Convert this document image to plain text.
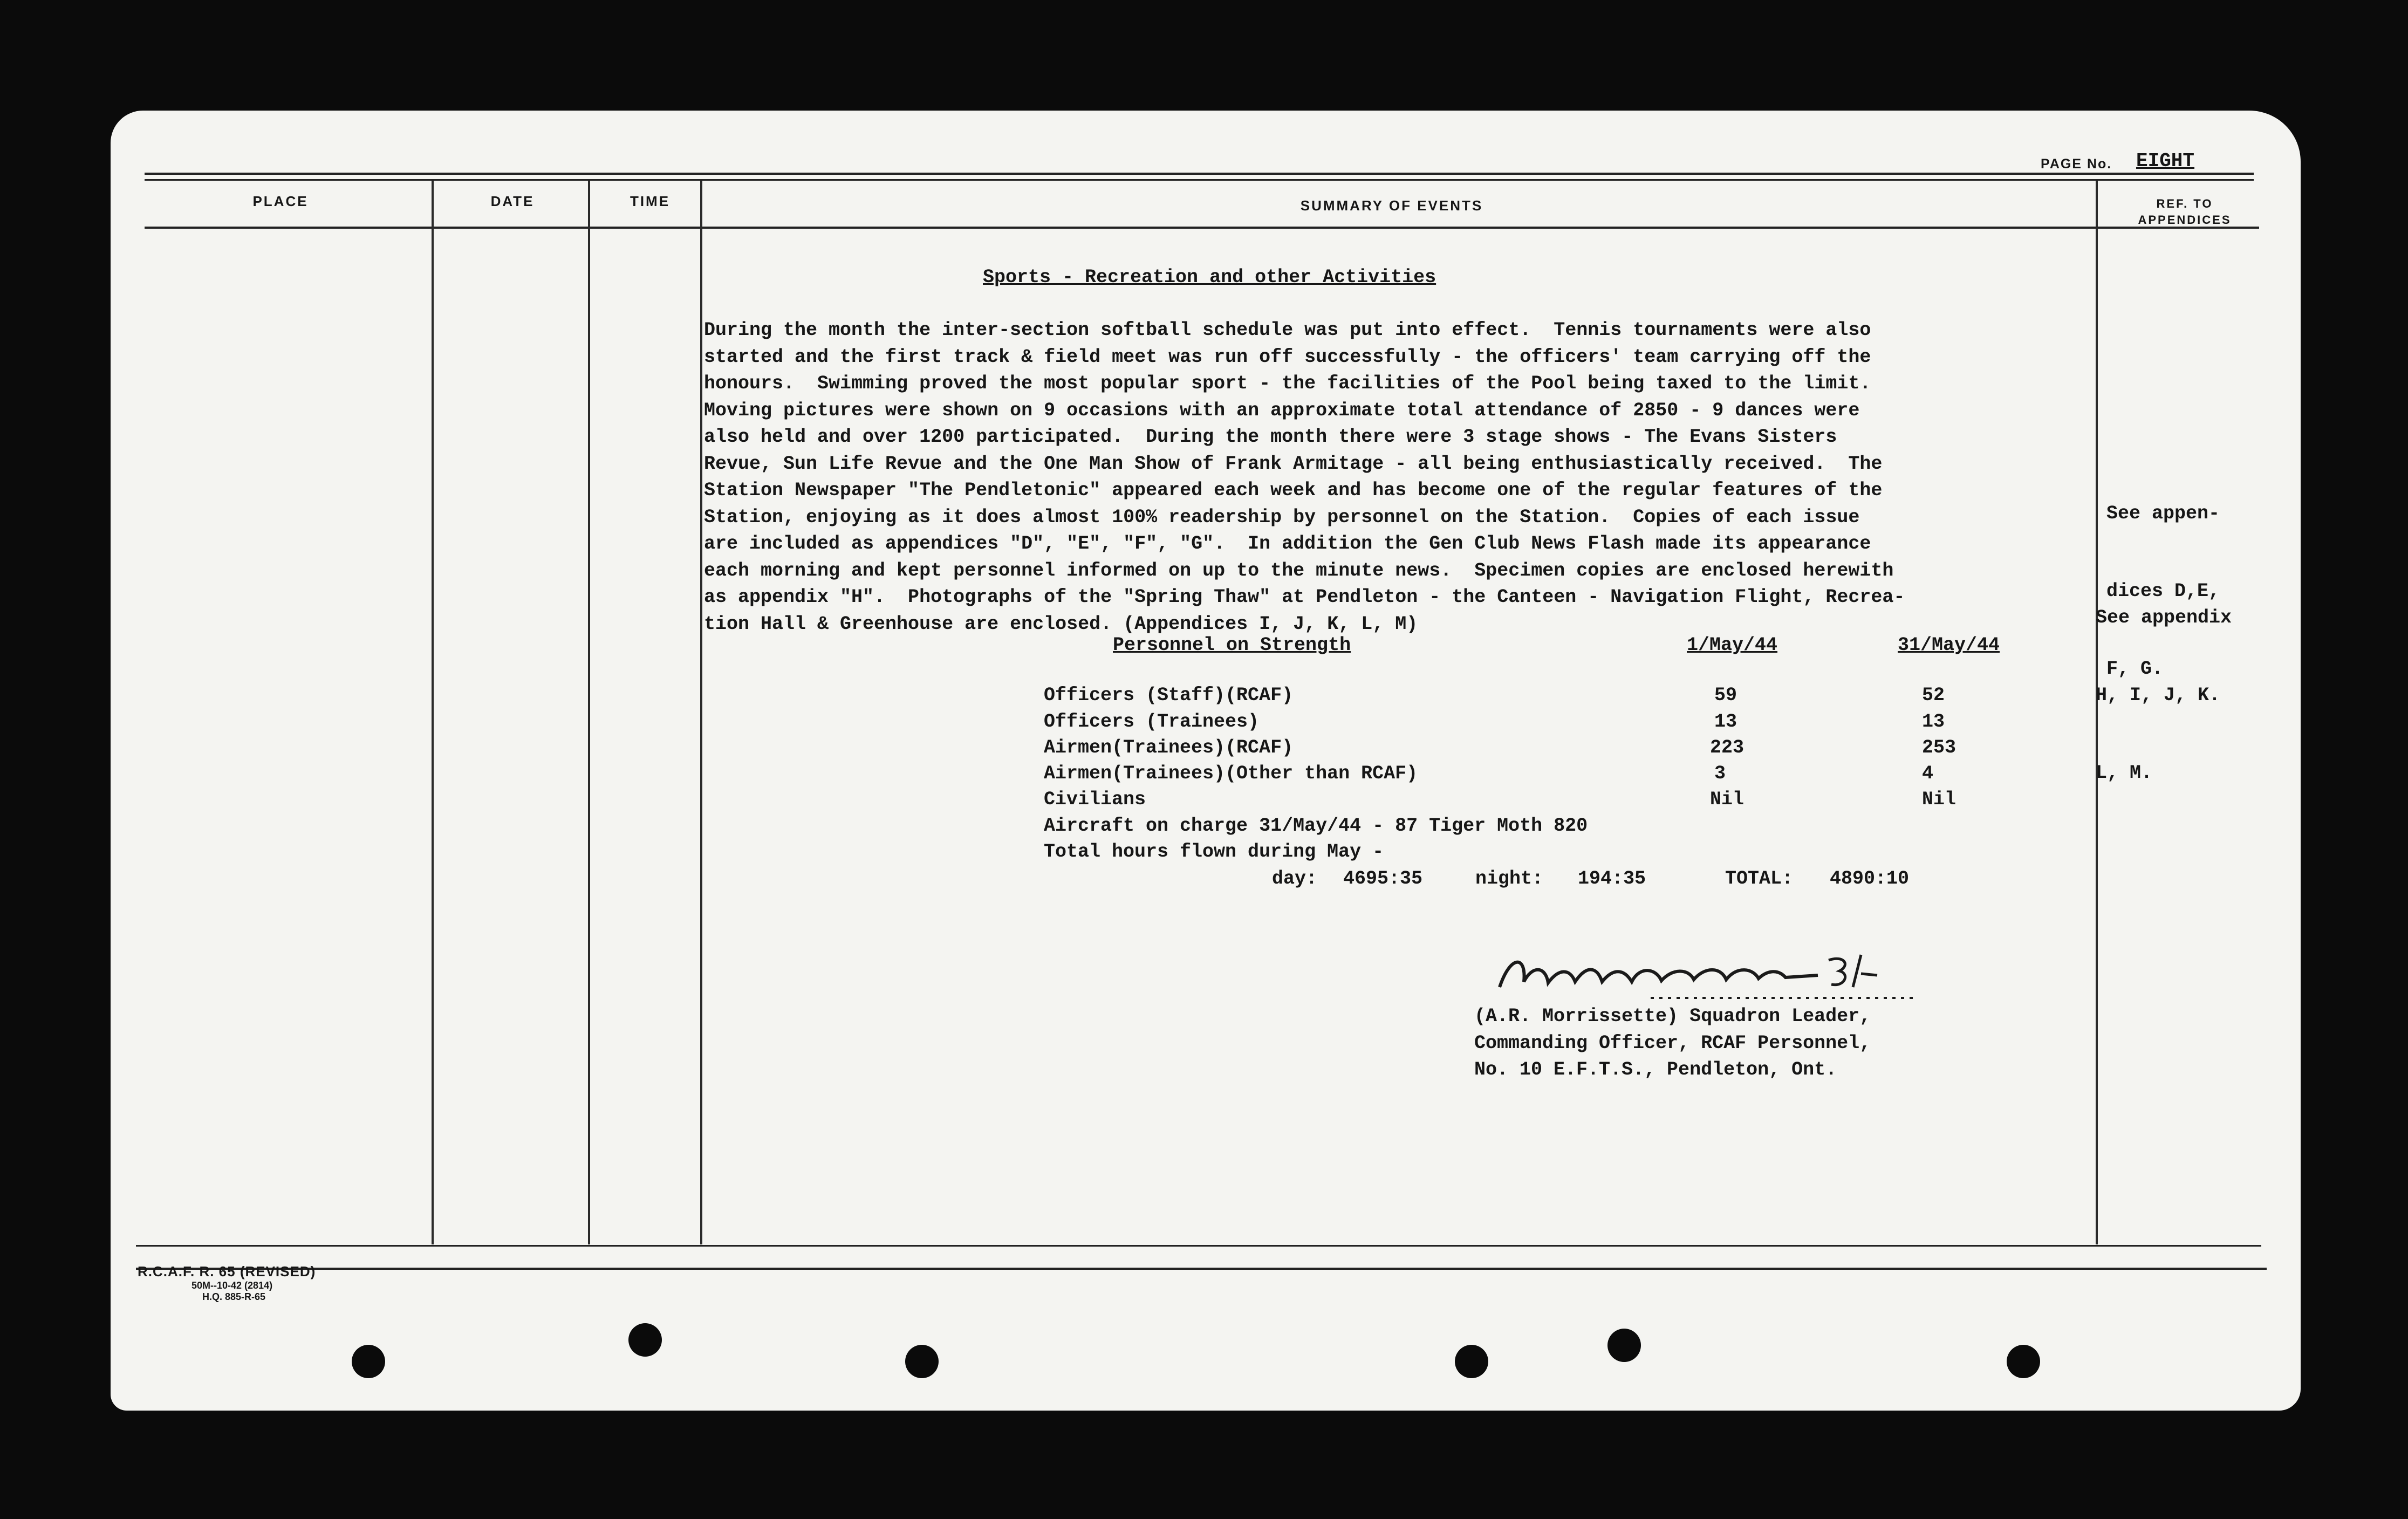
PAGE No. EIGHT
PLACE	DATE	TIME	SUMMARY OF EVENTS	REF. TO
APPENDICES
Sports - Recreation and other Activities
During the month the inter-section softball schedule was put into effect.  Tennis tournaments were also
started and the first track & field meet was run off successfully - the officers' team carrying off the
honours.  Swimming proved the most popular sport - the facilities of the Pool being taxed to the limit.
Moving pictures were shown on 9 occasions with an approximate total attendance of 2850 - 9 dances were
also held and over 1200 participated.  During the month there were 3 stage shows - The Evans Sisters
Revue, Sun Life Revue and the One Man Show of Frank Armitage - all being enthusiastically received.  The
Station Newspaper "The Pendletonic" appeared each week and has become one of the regular features of the
Station, enjoying as it does almost 100% readership by personnel on the Station.  Copies of each issue
are included as appendices "D", "E", "F", "G".  In addition the Gen Club News Flash made its appearance
each morning and kept personnel informed on up to the minute news.  Specimen copies are enclosed herewith
as appendix "H".  Photographs of the "Spring Thaw" at Pendleton - the Canteen - Navigation Flight, Recrea-
tion Hall & Greenhouse are enclosed. (Appendices I, J, K, L, M)

See appen-

dices D,E,

F, G.

See appendix

H, I, J, K.

L, M.

Personnel on Strength	1/May/44	31/May/44
Officers (Staff)(RCAF)	59	52
Officers (Trainees)	13	13
Airmen(Trainees)(RCAF)	223	253
Airmen(Trainees)(Other than RCAF)	3	4
Civilians	Nil	Nil
Aircraft on charge 31/May/44 - 87 Tiger Moth 820
Total hours flown during May -
day: 4695:35	night: 194:35	TOTAL: 4890:10
(A.R. Morrissette) Squadron Leader,
Commanding Officer, RCAF Personnel,
No. 10 E.F.T.S., Pendleton, Ont.
R.C.A.F. R. 65 (REVISED)
50M--10-42 (2814)
H.Q. 885-R-65
